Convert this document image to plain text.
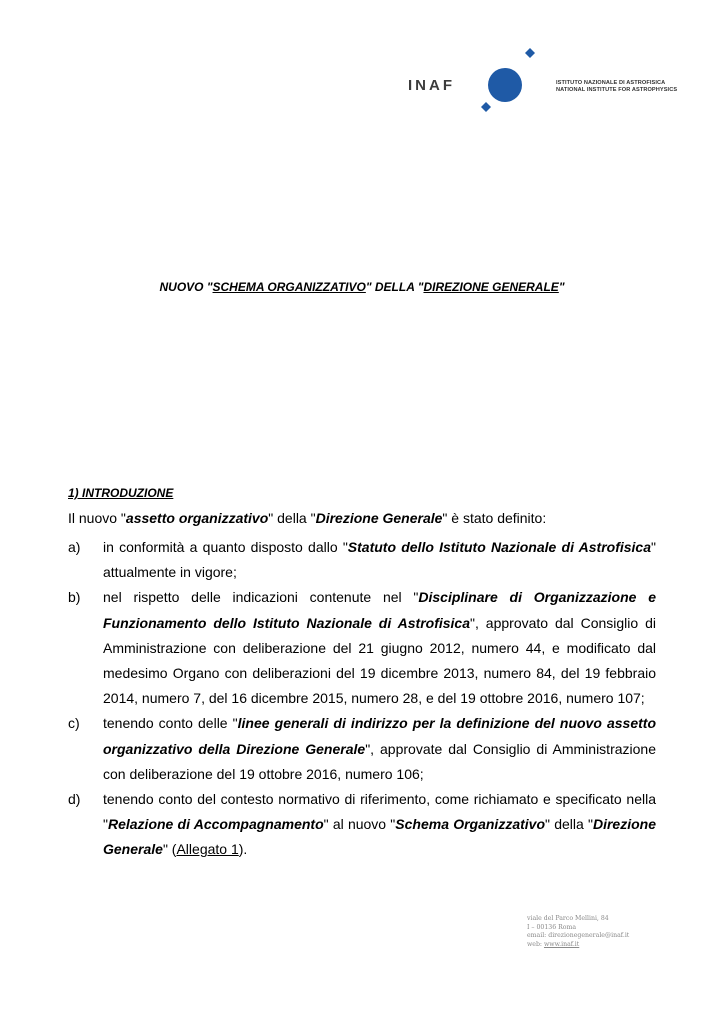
INAF	ISTITUTO NAZIONALE DI ASTROFISICA
NATIONAL INSTITUTE FOR ASTROPHYSICS
NUOVO "SCHEMA ORGANIZZATIVO" DELLA "DIREZIONE GENERALE"
1) INTRODUZIONE
Il nuovo "assetto organizzativo" della "Direzione Generale" è stato definito:
a)	in conformità a quanto disposto dallo "Statuto dello Istituto Nazionale di Astrofisica" attualmente in vigore;
b)	nel rispetto delle indicazioni contenute nel "Disciplinare di Organizzazione e Funzionamento dello Istituto Nazionale di Astrofisica", approvato dal Consiglio di Amministrazione con deliberazione del 21 giugno 2012, numero 44, e modificato dal medesimo Organo con deliberazioni del 19 dicembre 2013, numero 84, del 19 febbraio 2014, numero 7, del 16 dicembre 2015, numero 28, e del 19 ottobre 2016, numero 107;
c)	tenendo conto delle "linee generali di indirizzo per la definizione del nuovo assetto organizzativo della Direzione Generale", approvate dal Consiglio di Amministrazione con deliberazione del 19 ottobre 2016, numero 106;
d)	tenendo conto del contesto normativo di riferimento, come richiamato e specificato nella "Relazione di Accompagnamento" al nuovo "Schema Organizzativo" della "Direzione Generale" (Allegato 1).
viale del Parco Mellini, 84
I – 00136 Roma
email: direzionegenerale@inaf.it
web: www.inaf.it
